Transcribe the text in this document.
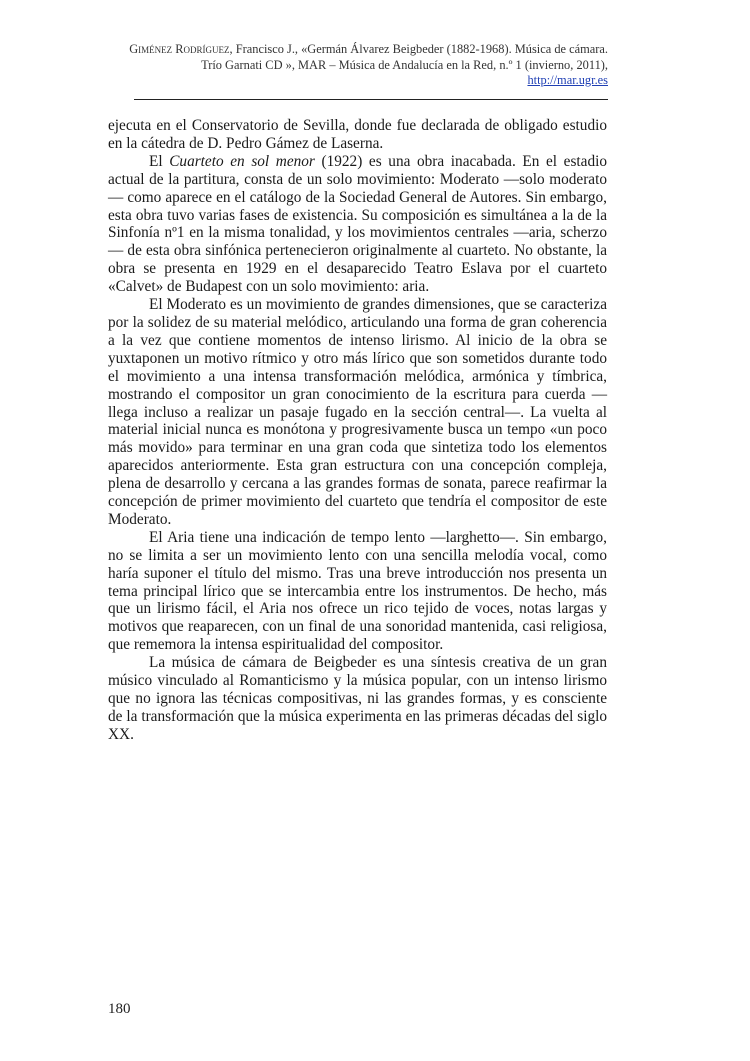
Giménez Rodríguez, Francisco J., «Germán Álvarez Beigbeder (1882-1968). Música de cámara.
Trío Garnati CD », MAR – Música de Andalucía en la Red, n.º 1 (invierno, 2011),
http://mar.ugr.es

ejecuta en el Conservatorio de Sevilla, donde fue declarada de obligado estudio en la cátedra de D. Pedro Gámez de Laserna.

El Cuarteto en sol menor (1922) es una obra inacabada. En el estadio actual de la partitura, consta de un solo movimiento: Moderato —solo moderato— como aparece en el catálogo de la Sociedad General de Autores. Sin embargo, esta obra tuvo varias fases de existencia. Su composición es simultánea a la de la Sinfonía nº1 en la misma tonalidad, y los movimientos centrales —aria, scherzo— de esta obra sinfónica pertenecieron originalmente al cuarteto. No obstante, la obra se presenta en 1929 en el desaparecido Teatro Eslava por el cuarteto «Calvet» de Budapest con un solo movimiento: aria.

El Moderato es un movimiento de grandes dimensiones, que se caracteriza por la solidez de su material melódico, articulando una forma de gran coherencia a la vez que contiene momentos de intenso lirismo. Al inicio de la obra se yuxtaponen un motivo rítmico y otro más lírico que son sometidos durante todo el movimiento a una intensa transformación melódica, armónica y tímbrica, mostrando el compositor un gran conocimiento de la escritura para cuerda —llega incluso a realizar un pasaje fugado en la sección central—. La vuelta al material inicial nunca es monótona y progresivamente busca un tempo «un poco más movido» para terminar en una gran coda que sintetiza todo los elementos aparecidos anteriormente. Esta gran estructura con una concepción compleja, plena de desarrollo y cercana a las grandes formas de sonata, parece reafirmar la concepción de primer movimiento del cuarteto que tendría el compositor de este Moderato.

El Aria tiene una indicación de tempo lento —larghetto—. Sin embargo, no se limita a ser un movimiento lento con una sencilla melodía vocal, como haría suponer el título del mismo. Tras una breve introducción nos presenta un tema principal lírico que se intercambia entre los instrumentos. De hecho, más que un lirismo fácil, el Aria nos ofrece un rico tejido de voces, notas largas y motivos que reaparecen, con un final de una sonoridad mantenida, casi religiosa, que rememora la intensa espiritualidad del compositor.

La música de cámara de Beigbeder es una síntesis creativa de un gran músico vinculado al Romanticismo y la música popular, con un intenso lirismo que no ignora las técnicas compositivas, ni las grandes formas, y es consciente de la transformación que la música experimenta en las primeras décadas del siglo XX.

180
